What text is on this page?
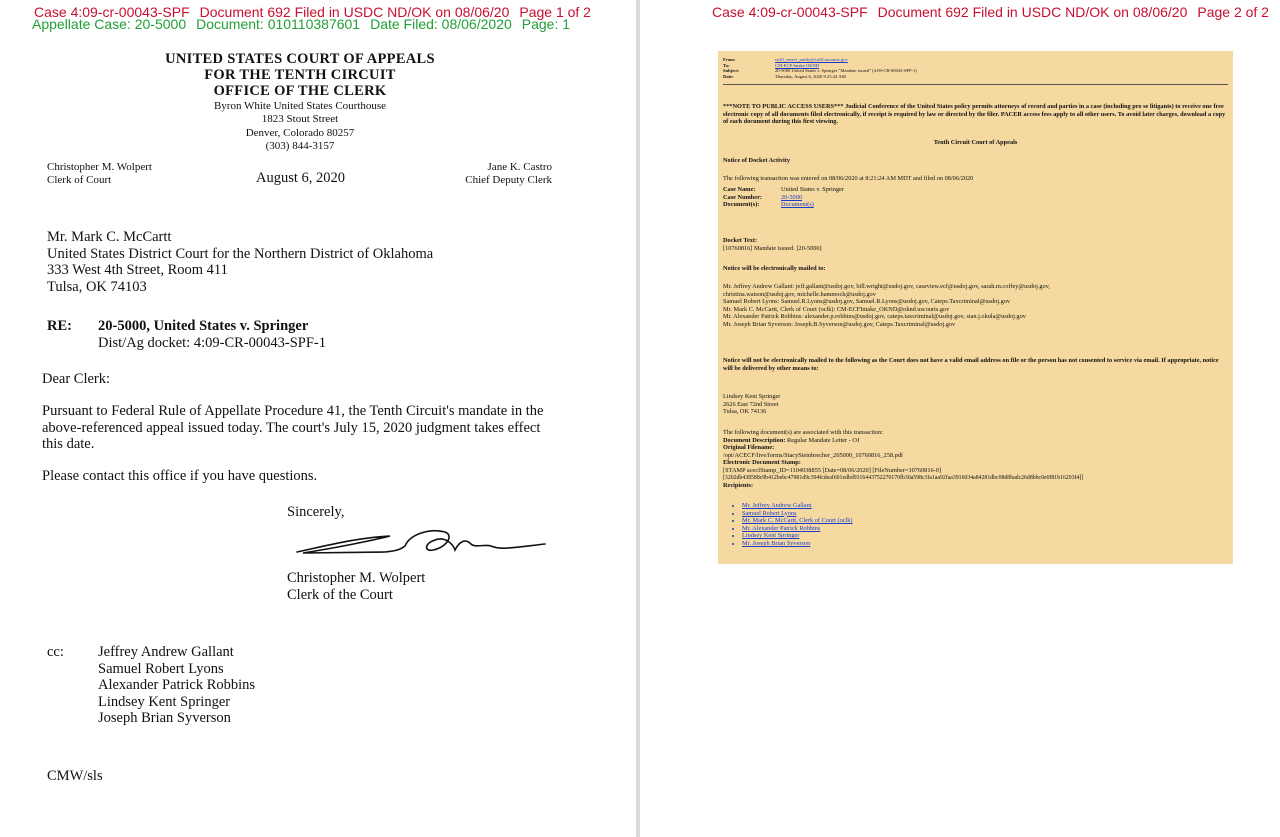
Case 4:09-cr-00043-SPF Document 692 Filed in USDC ND/OK on 08/06/20 Page 1 of 2
Appellate Case: 20-5000 Document: 010110387601 Date Filed: 08/06/2020 Page: 1
UNITED STATES COURT OF APPEALS
FOR THE TENTH CIRCUIT
OFFICE OF THE CLERK
Byron White United States Courthouse
1823 Stout Street
Denver, Colorado 80257
(303) 844-3157
Christopher M. Wolpert
Clerk of Court	August 6, 2020
Jane K. Castro
Chief Deputy Clerk
Mr. Mark C. McCartt
United States District Court for the Northern District of Oklahoma
333 West 4th Street, Room 411
Tulsa, OK 74103
RE: 20-5000, United States v. Springer
Dist/Ag docket: 4:09-CR-00043-SPF-1
Dear Clerk:

Pursuant to Federal Rule of Appellate Procedure 41, the Tenth Circuit's mandate in the above-referenced appeal issued today. The court's July 15, 2020 judgment takes effect this date.

Please contact this office if you have questions.

Sincerely,
Christopher M. Wolpert
Clerk of the Court
cc: Jeffrey Andrew Gallant
Samuel Robert Lyons
Alexander Patrick Robbins
Lindsey Kent Springer
Joseph Brian Syverson
CMW/sls
Case 4:09-cr-00043-SPF Document 692 Filed in USDC ND/OK on 08/06/20 Page 2 of 2
From:	ca10_cmecf_notify@ca10.uscourts.gov
To:	CM-ECF Intake OKND
Subject:	20-5000 United States v. Springer "Mandate issued" (4:09-CR-00043-SPF-1)
Date:	Thursday, August 6, 2020 9:25:24 AM
***NOTE TO PUBLIC ACCESS USERS*** Judicial Conference of the United States policy permits attorneys of record and parties in a case (including pro se litigants) to receive one free electronic copy of all documents filed electronically, if receipt is required by law or directed by the filer. PACER access fees apply to all other users. To avoid later charges, download a copy of each document during this first viewing.
Tenth Circuit Court of Appeals
Notice of Docket Activity
The following transaction was entered on 08/06/2020 at 8:21:24 AM MDT and filed on 08/06/2020
Case Name:	United States v. Springer
Case Number:	20-5000
Document(s):	Document(s)
Docket Text:
[10760816] Mandate issued. [20-5000]
Notice will be electronically mailed to:
Mr. Jeffrey Andrew Gallant: jeff.gallant@usdoj.gov, bill.wright@usdoj.gov, caseview.ecf@usdoj.gov, sarah.m.coffey@usdoj.gov,
christina.watson@usdoj.gov, michelle.hammock@usdoj.gov
Samuel Robert Lyons: Samuel.R.Lyons@usdoj.gov, Samuel.R.Lyons@usdoj.gov, Cateps.Taxcriminal@usdoj.gov
Mr. Mark C. McCartt, Clerk of Court (oclk): CM-ECFIntake_OKND@oknd.uscourts.gov
Mr. Alexander Patrick Robbins: alexander.p.robbins@usdoj.gov, cateps.taxcriminal@usdoj.gov, stan.j.okula@usdoj.gov
Mr. Joseph Brian Syverson: Joseph.B.Syverson@usdoj.gov, Cateps.Taxcriminal@usdoj.gov
Notice will not be electronically mailed to the following as the Court does not have a valid email address on file or the person has not consented to service via email. If appropriate, notice will be delivered by other means to:
Lindsey Kent Springer
2626 East 72nd Street
Tulsa, OK 74136
The following document(s) are associated with this transaction:
Document Description: Regular Mandate Letter - OJ
Original Filename:
/opt/ACECF/live/forms/StacySteinbrecher_205000_10760816_258.pdf
Electronic Document Stamp:
[STAMP acecfStamp_ID=1104938855 [Date=08/06/2020] [FileNumber=10760816-0]
[3202db438588c9b412bebc47981d9c394fcdeaf601edbd9316443752270170fb30a598c3fa1aa92faa3916034a84281dbc08d8badc26d8bbc0e0f81b16293f4]]
Recipients:
• Mr. Jeffrey Andrew Gallant
• Samuel Robert Lyons
• Mr. Mark C. McCartt, Clerk of Court (oclk)
• Mr. Alexander Patrick Robbins
• Lindsey Kent Springer
• Mr. Joseph Brian Syverson
